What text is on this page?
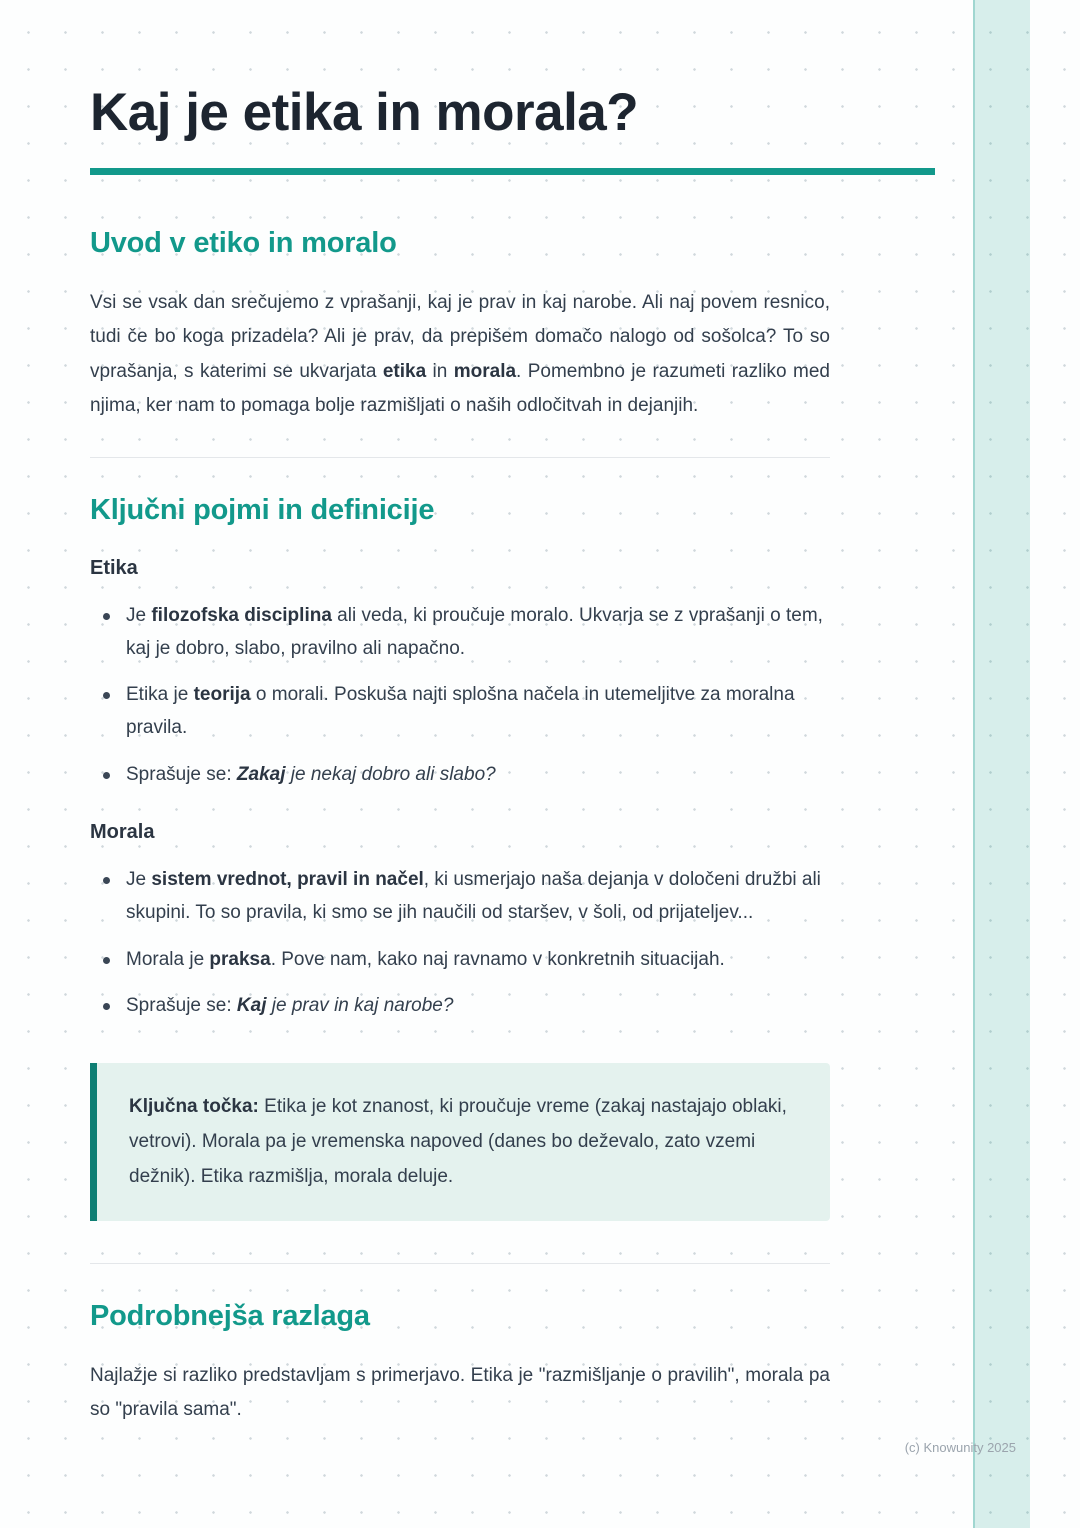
Kaj je etika in morala?
Uvod v etiko in moralo

Vsi se vsak dan srečujemo z vprašanji, kaj je prav in kaj narobe. Ali naj povem resnico, tudi če bo koga prizadela? Ali je prav, da prepišem domačo nalogo od sošolca? To so vprašanja, s katerimi se ukvarjata etika in morala. Pomembno je razumeti razliko med njima, ker nam to pomaga bolje razmišljati o naših odločitvah in dejanjih.

Ključni pojmi in definicije
Etika
Je filozofska disciplina ali veda, ki proučuje moralo. Ukvarja se z vprašanji o tem, kaj je dobro, slabo, pravilno ali napačno.
Etika je teorija o morali. Poskuša najti splošna načela in utemeljitve za moralna pravila.
Sprašuje se: Zakaj je nekaj dobro ali slabo?
Morala
Je sistem vrednot, pravil in načel, ki usmerjajo naša dejanja v določeni družbi ali skupini. To so pravila, ki smo se jih naučili od staršev, v šoli, od prijateljev...
Morala je praksa. Pove nam, kako naj ravnamo v konkretnih situacijah.
Sprašuje se: Kaj je prav in kaj narobe?

Ključna točka: Etika je kot znanost, ki proučuje vreme (zakaj nastajajo oblaki, vetrovi). Morala pa je vremenska napoved (danes bo deževalo, zato vzemi dežnik). Etika razmišlja, morala deluje.

Podrobnejša razlaga

Najlažje si razliko predstavljam s primerjavo. Etika je "razmišljanje o pravilih", morala pa so "pravila sama".

(c) Knowunity 2025
